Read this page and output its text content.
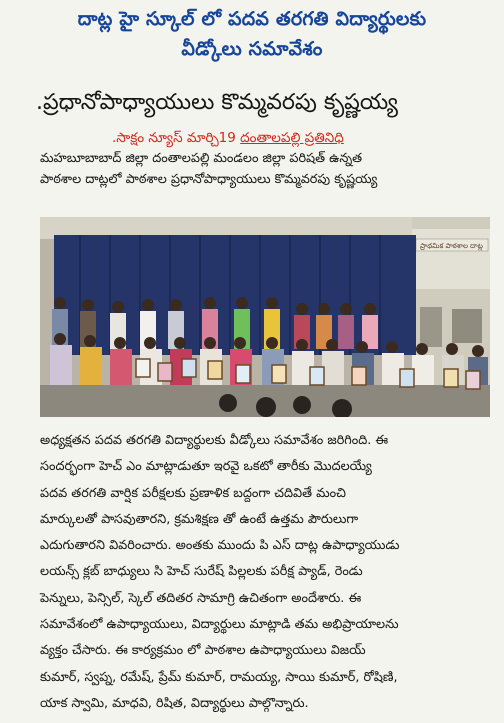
దాట్ల హై స్కూల్ లో పదవ తరగతి విద్యార్థులకు
వీడ్కోలు సమావేశం
.ప్రధానోపాధ్యాయులు కొమ్మవరపు కృష్ణయ్య
.సాక్షం న్యూస్ మార్చి19 దంతాలపల్లి ప్రతినిధి

మహబూబాబాద్ జిల్లా దంతాలపల్లి మండలం జిల్లా పరిషత్ ఉన్నత

పాఠశాల దాట్లలో పాఠశాల ప్రధానోపాధ్యాయులు కొమ్మవరపు కృష్ణయ్య

ప్రాథమిక పాఠశాల దాట్ల

అధ్యక్షతన పదవ తరగతి విద్యార్థులకు వీడ్కోలు సమావేశం జరిగింది. ఈ

సందర్భంగా హెచ్ ఎం మాట్లాడుతూ ఇరవై ఒకటో తారీకు మొదలయ్యే

పదవ తరగతి వార్షిక పరీక్షలకు ప్రణాళిక బద్దంగా చదివితే మంచి

మార్కులతో పాసవుతారని, క్రమశిక్షణ తో ఉంటే ఉత్తమ పౌరులుగా

ఎదుగుతారని వివరించారు. అంతకు ముందు పి ఎస్ దాట్ల ఉపాధ్యాయుడు

లయన్స్ క్లబ్ బాధ్యులు సి హెచ్ సురేష్ పిల్లలకు పరీక్ష ప్యాడ్, రెండు

పెన్నులు, పెన్సిల్, స్కెల్ తదితర సామాగ్రి ఉచితంగా అందేశారు. ఈ

సమావేశంలో ఉపాధ్యాయులు, విద్యార్థులు మాట్లాడి తమ అభిప్రాయాలను

వ్యక్తం చేసారు. ఈ కార్యక్రమం లో పాఠశాల ఉపాధ్యాయులు విజయ్

కుమార్, స్వప్న, రమేష్, ప్రేమ్ కుమార్, రామయ్య, సాయి కుమార్, రోషిణి,

యాక స్వామి, మాధవి, రిషిత, విద్యార్థులు పాల్గొన్నారు.
